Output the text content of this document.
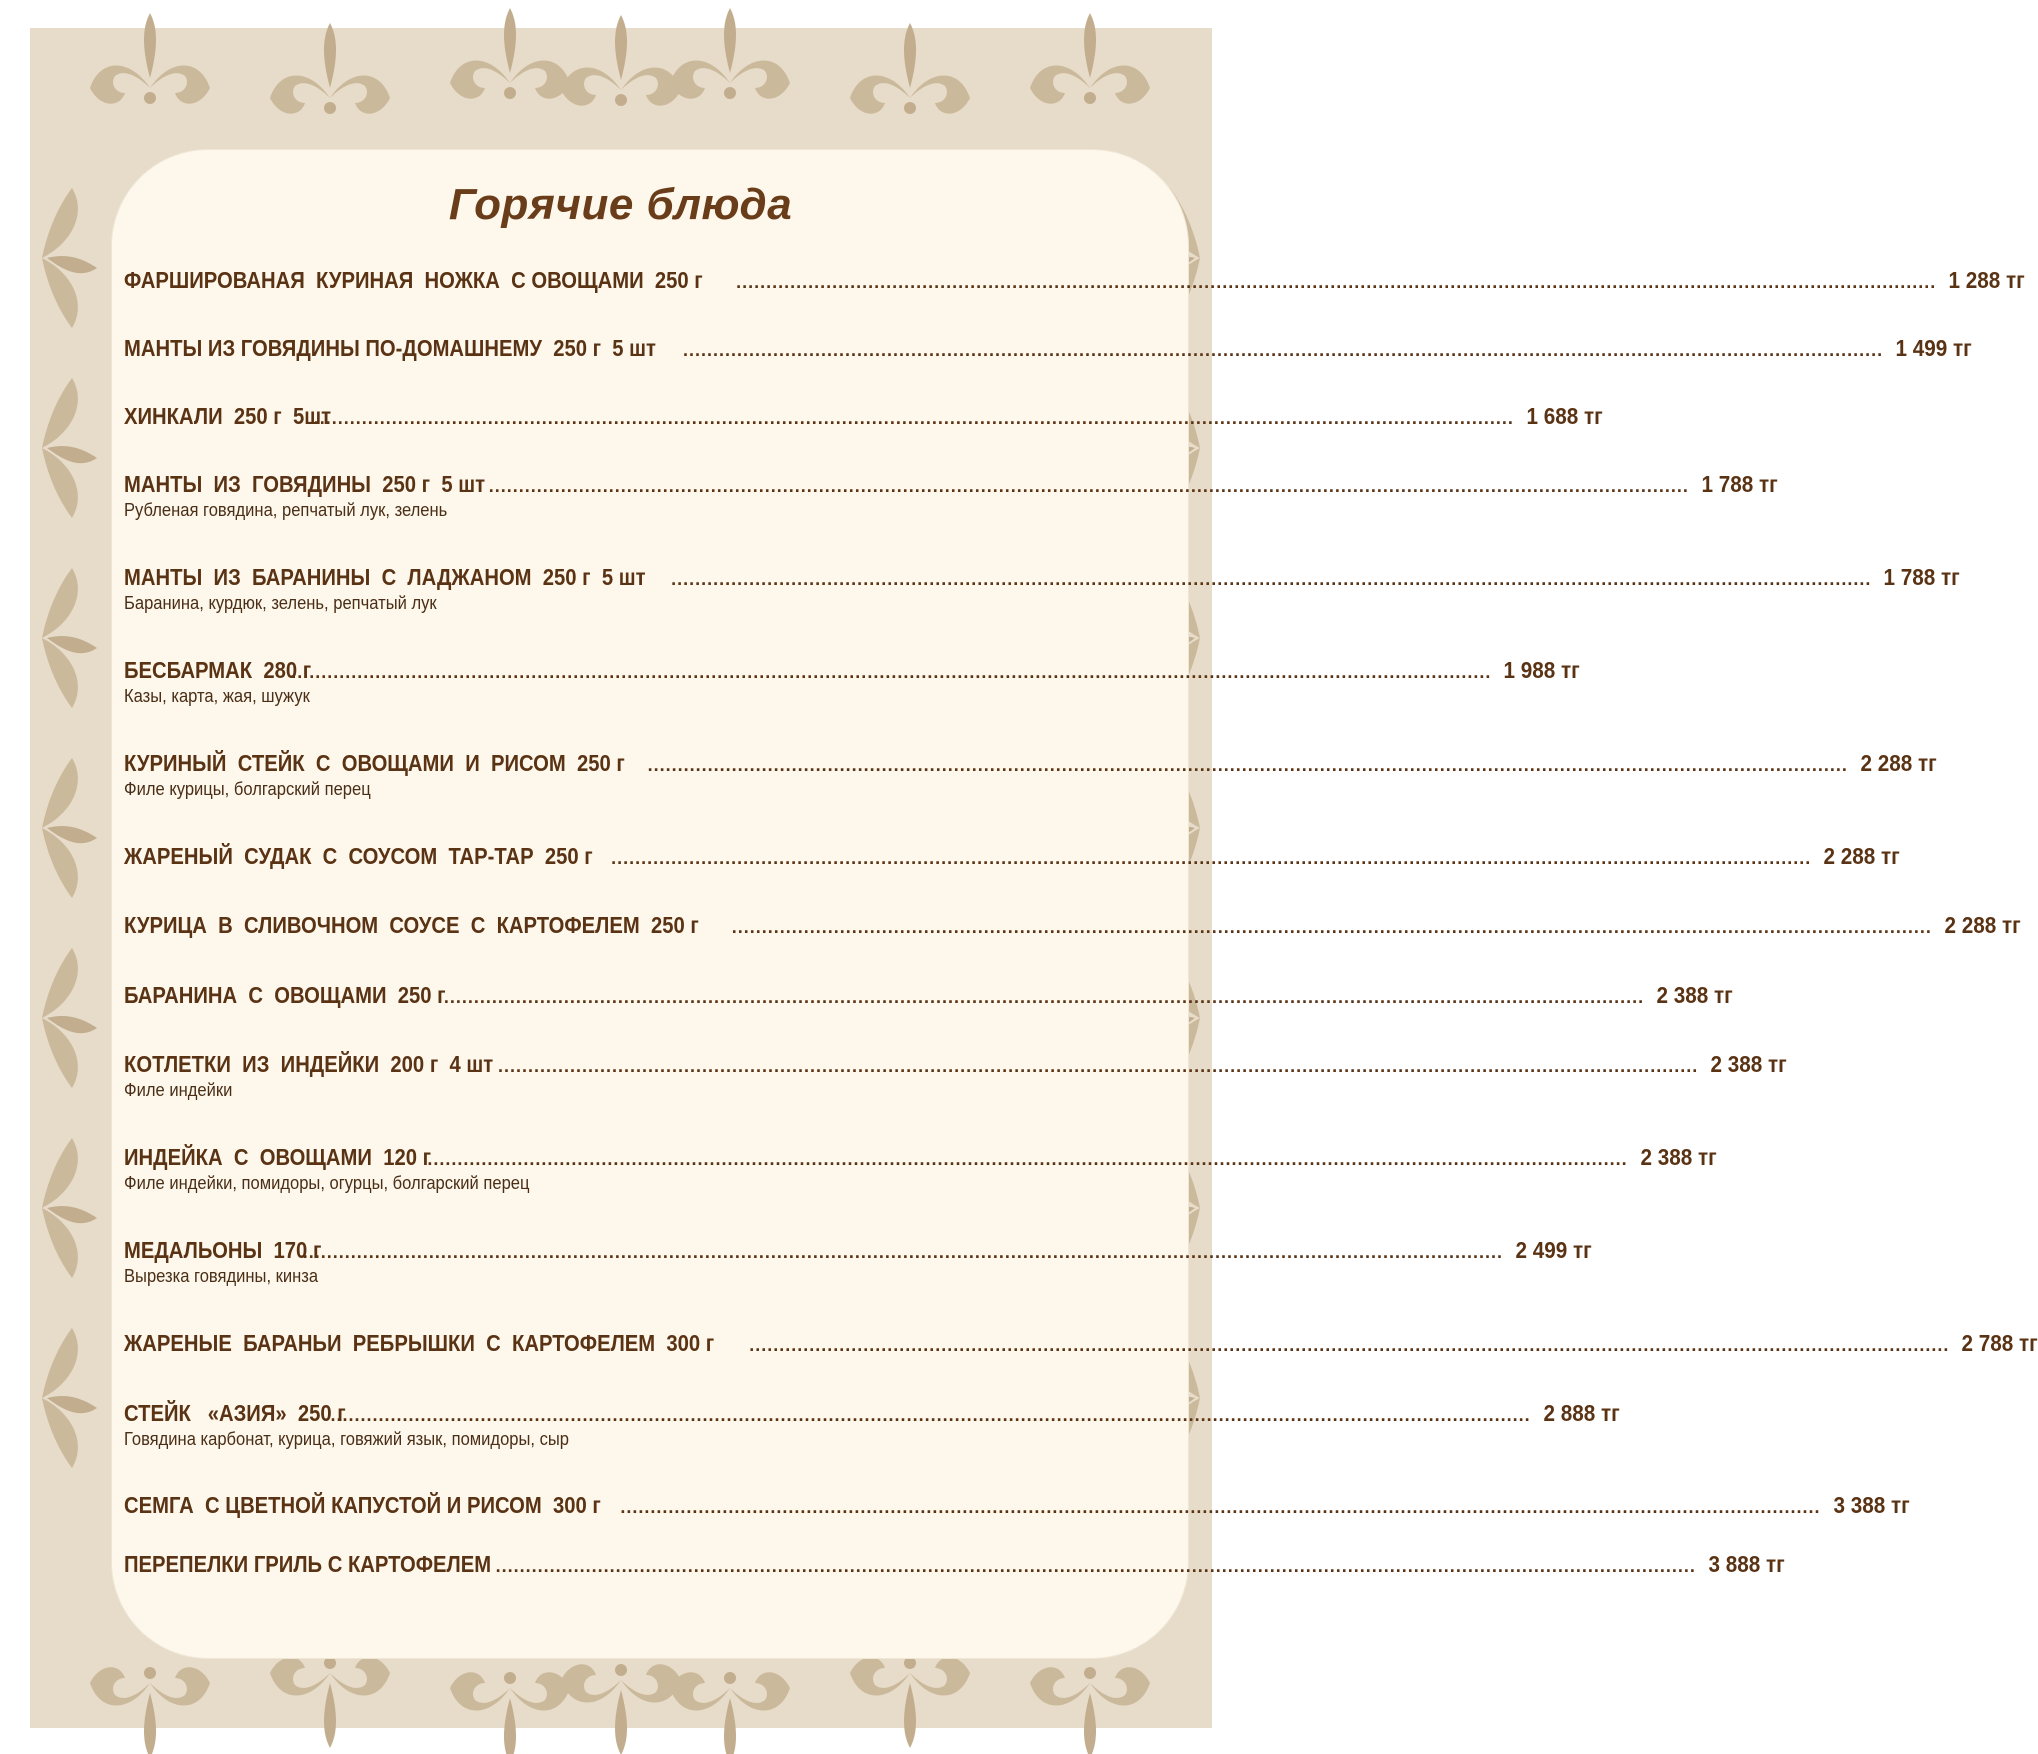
Горячие блюда
ФАРШИРОВАНАЯ  КУРИНАЯ  НОЖКА  С ОВОЩАМИ  250 г ........................................................................................................................................................................................................ 1 288 тг
МАНТЫ ИЗ ГОВЯДИНЫ ПО-ДОМАШНЕМУ  250 г  5 шт ........................................................................................................................................................................................................ 1 499 тг
ХИНКАЛИ  250 г  5шт
........................................................................................................................................................................................................ 1 688 тг
МАНТЫ  ИЗ  ГОВЯДИНЫ  250 г  5 шт ........................................................................................................................................................................................................ 1 788 тг
Рубленая говядина, репчатый лук, зелень
МАНТЫ  ИЗ  БАРАНИНЫ  С  ЛАДЖАНОМ  250 г  5 шт ........................................................................................................................................................................................................ 1 788 тг
Баранина, курдюк, зелень, репчатый лук
БЕСБАРМАК  280 г
........................................................................................................................................................................................................ 1 988 тг
Казы, карта, жая, шужук
КУРИНЫЙ  СТЕЙК  С  ОВОЩАМИ  И  РИСОМ  250 г ........................................................................................................................................................................................................ 2 288 тг
Филе курицы, болгарский перец
ЖАРЕНЫЙ  СУДАК  С  СОУСОМ  ТАР-ТАР  250 г ........................................................................................................................................................................................................ 2 288 тг
КУРИЦА  В  СЛИВОЧНОМ  СОУСЕ  С  КАРТОФЕЛЕМ  250 г ........................................................................................................................................................................................................ 2 288 тг
БАРАНИНА  С  ОВОЩАМИ  250 г
........................................................................................................................................................................................................ 2 388 тг
КОТЛЕТКИ  ИЗ  ИНДЕЙКИ  200 г  4 шт ........................................................................................................................................................................................................ 2 388 тг
Филе индейки
ИНДЕЙКА  С  ОВОЩАМИ  120 г
........................................................................................................................................................................................................ 2 388 тг
Филе индейки, помидоры, огурцы, болгарский перец
МЕДАЛЬОНЫ  170 г
........................................................................................................................................................................................................ 2 499 тг
Вырезка говядины, кинза
ЖАРЕНЫЕ  БАРАНЬИ  РЕБРЫШКИ  С  КАРТОФЕЛЕМ  300 г ........................................................................................................................................................................................................ 2 788 тг
СТЕЙК   «АЗИЯ»  250 г
........................................................................................................................................................................................................ 2 888 тг
Говядина карбонат, курица, говяжий язык, помидоры, сыр
СЕМГА  С ЦВЕТНОЙ КАПУСТОЙ И РИСОМ  300 г ........................................................................................................................................................................................................ 3 388 тг
ПЕРЕПЕЛКИ ГРИЛЬ С КАРТОФЕЛЕМ ........................................................................................................................................................................................................ 3 888 тг
